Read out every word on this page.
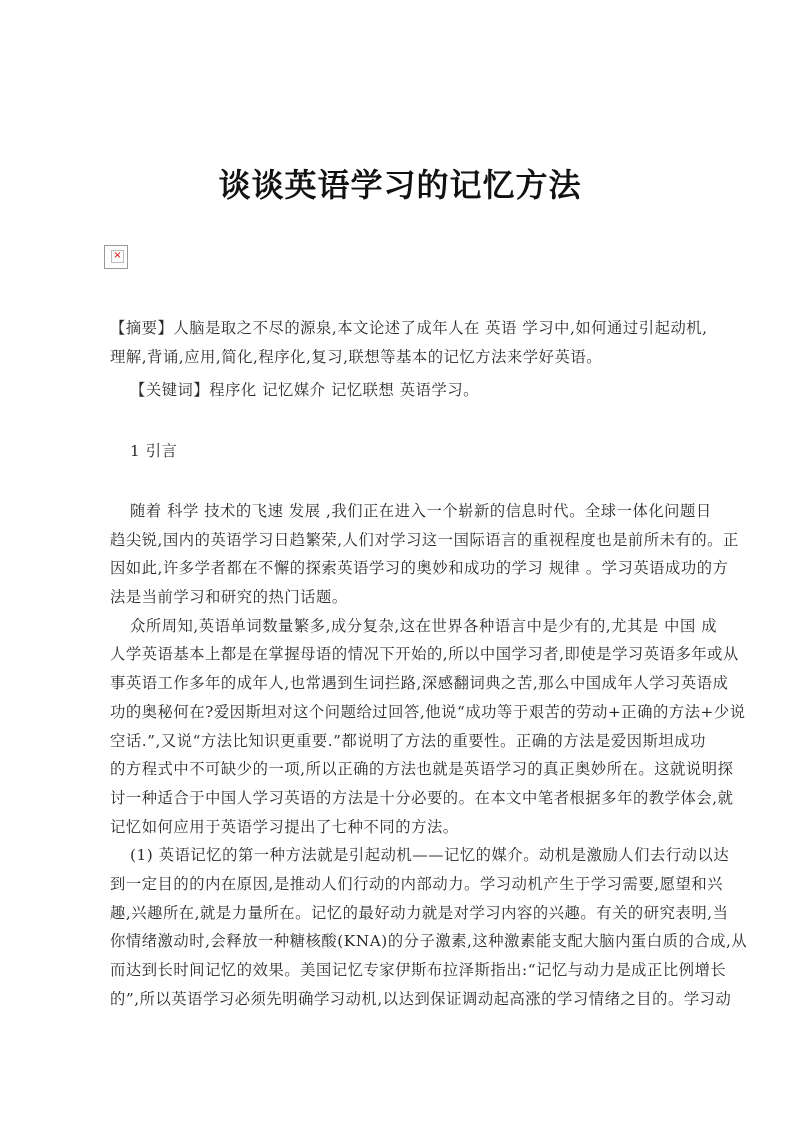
谈谈英语学习的记忆方法
×
【摘要】人脑是取之不尽的源泉,本文论述了成年人在 英语 学习中,如何通过引起动机,
理解,背诵,应用,简化,程序化,复习,联想等基本的记忆方法来学好英语。
【关键词】程序化 记忆媒介 记忆联想 英语学习。
1 引言
随着 科学 技术的飞速 发展 ,我们正在进入一个崭新的信息时代。全球一体化问题日
趋尖锐,国内的英语学习日趋繁荣,人们对学习这一国际语言的重视程度也是前所未有的。正
因如此,许多学者都在不懈的探索英语学习的奥妙和成功的学习 规律 。学习英语成功的方
法是当前学习和研究的热门话题。
众所周知,英语单词数量繁多,成分复杂,这在世界各种语言中是少有的,尤其是 中国 成
人学英语基本上都是在掌握母语的情况下开始的,所以中国学习者,即使是学习英语多年或从
事英语工作多年的成年人,也常遇到生词拦路,深感翻词典之苦,那么中国成年人学习英语成
功的奥秘何在?爱因斯坦对这个问题给过回答,他说“成功等于艰苦的劳动+正确的方法+少说
空话.”,又说“方法比知识更重要.”都说明了方法的重要性。正确的方法是爱因斯坦成功
的方程式中不可缺少的一项,所以正确的方法也就是英语学习的真正奥妙所在。这就说明探
讨一种适合于中国人学习英语的方法是十分必要的。在本文中笔者根据多年的教学体会,就
记忆如何应用于英语学习提出了七种不同的方法。
(1) 英语记忆的第一种方法就是引起动机——记忆的媒介。动机是激励人们去行动以达
到一定目的的内在原因,是推动人们行动的内部动力。学习动机产生于学习需要,愿望和兴
趣,兴趣所在,就是力量所在。记忆的最好动力就是对学习内容的兴趣。有关的研究表明,当
你情绪激动时,会释放一种糖核酸(KNA)的分子激素,这种激素能支配大脑内蛋白质的合成,从
而达到长时间记忆的效果。美国记忆专家伊斯布拉泽斯指出:“记忆与动力是成正比例增长
的”,所以英语学习必须先明确学习动机,以达到保证调动起高涨的学习情绪之目的。学习动
